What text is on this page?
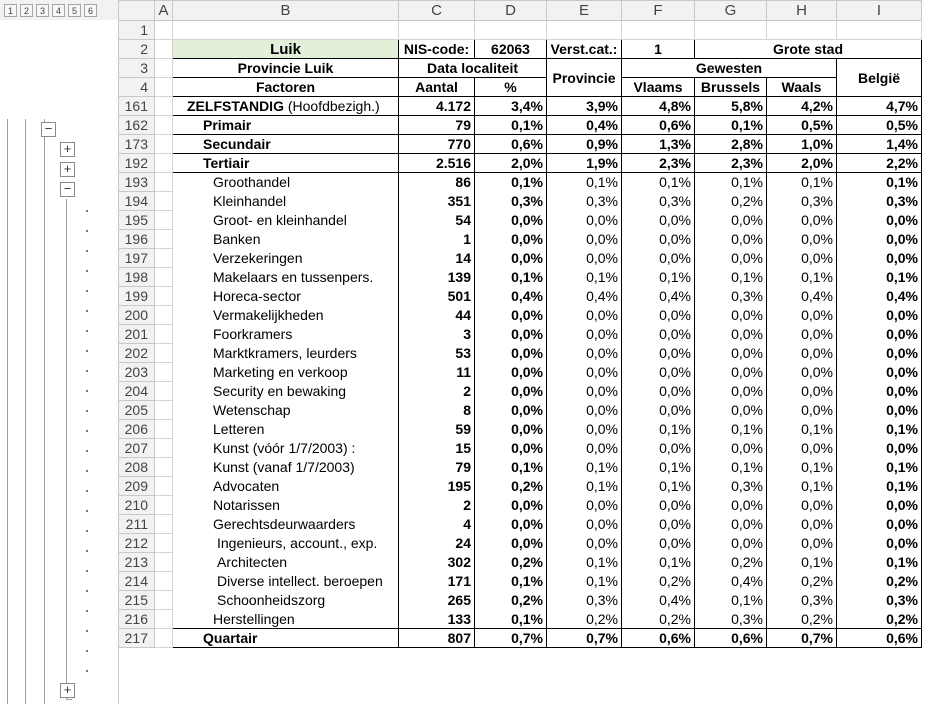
1	2	3	4	5	6
−
+
+
−
+
	A	B	C	D	E	F	G	H	I
1									
2		Luik	NIS-code:	62063	Verst.cat.:	1	Grote stad		
3		Provincie Luik	Data localiteit		Provincie	Gewesten			België
4		Factoren	Aantal	%		Vlaams	Brussels	Waals	
161		ZELFSTANDIG (Hoofdbezigh.)	4.172	3,4%	3,9%	4,8%	5,8%	4,2%	4,7%
162		Primair	79	0,1%	0,4%	0,6%	0,1%	0,5%	0,5%
173		Secundair	770	0,6%	0,9%	1,3%	2,8%	1,0%	1,4%
192		Tertiair	2.516	2,0%	1,9%	2,3%	2,3%	2,0%	2,2%
193		Groothandel	86	0,1%	0,1%	0,1%	0,1%	0,1%	0,1%
194		Kleinhandel	351	0,3%	0,3%	0,3%	0,2%	0,3%	0,3%
195		Groot- en kleinhandel	54	0,0%	0,0%	0,0%	0,0%	0,0%	0,0%
196		Banken	1	0,0%	0,0%	0,0%	0,0%	0,0%	0,0%
197		Verzekeringen	14	0,0%	0,0%	0,0%	0,0%	0,0%	0,0%
198		Makelaars en tussenpers.	139	0,1%	0,1%	0,1%	0,1%	0,1%	0,1%
199		Horeca-sector	501	0,4%	0,4%	0,4%	0,3%	0,4%	0,4%
200		Vermakelijkheden	44	0,0%	0,0%	0,0%	0,0%	0,0%	0,0%
201		Foorkramers	3	0,0%	0,0%	0,0%	0,0%	0,0%	0,0%
202		Marktkramers, leurders	53	0,0%	0,0%	0,0%	0,0%	0,0%	0,0%
203		Marketing en verkoop	11	0,0%	0,0%	0,0%	0,0%	0,0%	0,0%
204		Security en bewaking	2	0,0%	0,0%	0,0%	0,0%	0,0%	0,0%
205		Wetenschap	8	0,0%	0,0%	0,0%	0,0%	0,0%	0,0%
206		Letteren	59	0,0%	0,0%	0,1%	0,1%	0,1%	0,1%
207		Kunst (vóór 1/7/2003) :	15	0,0%	0,0%	0,0%	0,0%	0,0%	0,0%
208		Kunst (vanaf 1/7/2003)	79	0,1%	0,1%	0,1%	0,1%	0,1%	0,1%
209		Advocaten	195	0,2%	0,1%	0,1%	0,3%	0,1%	0,1%
210		Notarissen	2	0,0%	0,0%	0,0%	0,0%	0,0%	0,0%
211		Gerechtsdeurwaarders	4	0,0%	0,0%	0,0%	0,0%	0,0%	0,0%
212		Ingenieurs, account., exp.	24	0,0%	0,0%	0,0%	0,0%	0,0%	0,0%
213		Architecten	302	0,2%	0,1%	0,1%	0,2%	0,1%	0,1%
214		Diverse intellect. beroepen	171	0,1%	0,1%	0,2%	0,4%	0,2%	0,2%
215		Schoonheidszorg	265	0,2%	0,3%	0,4%	0,1%	0,3%	0,3%
216		Herstellingen	133	0,1%	0,2%	0,2%	0,3%	0,2%	0,2%
217		Quartair	807	0,7%	0,7%	0,6%	0,6%	0,7%	0,6%
